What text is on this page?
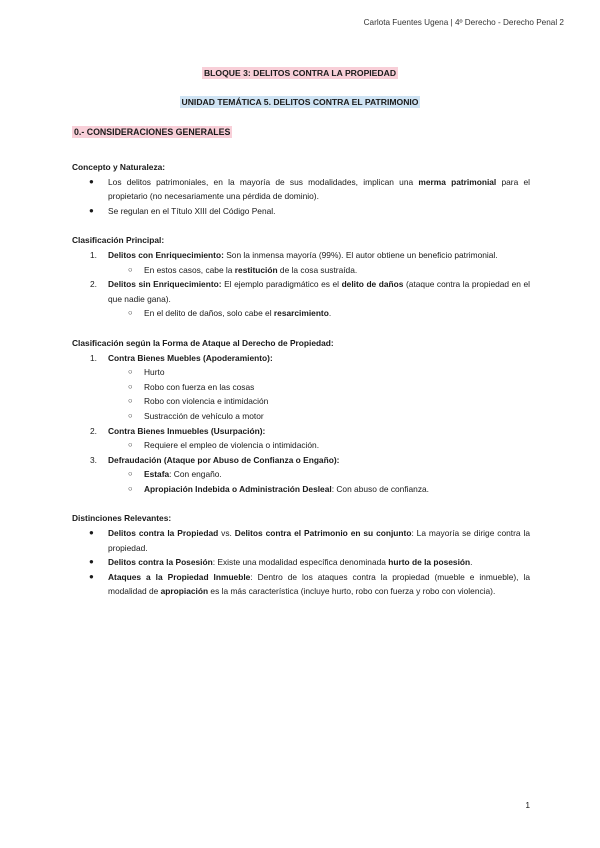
Carlota Fuentes Ugena | 4º Derecho - Derecho Penal 2
BLOQUE 3: DELITOS CONTRA LA PROPIEDAD
UNIDAD TEMÁTICA 5. DELITOS CONTRA EL PATRIMONIO
0.- CONSIDERACIONES GENERALES

Concepto y Naturaleza:

● Los delitos patrimoniales, en la mayoría de sus modalidades, implican una merma patrimonial para el propietario (no necesariamente una pérdida de dominio).
● Se regulan en el Título XIII del Código Penal.

Clasificación Principal:

1. Delitos con Enriquecimiento: Son la inmensa mayoría (99%). El autor obtiene un beneficio patrimonial.
○ En estos casos, cabe la restitución de la cosa sustraída.
2. Delitos sin Enriquecimiento: El ejemplo paradigmático es el delito de daños (ataque contra la propiedad en el que nadie gana).
○ En el delito de daños, solo cabe el resarcimiento.

Clasificación según la Forma de Ataque al Derecho de Propiedad:

1. Contra Bienes Muebles (Apoderamiento):
○ Hurto
○ Robo con fuerza en las cosas
○ Robo con violencia e intimidación
○ Sustracción de vehículo a motor
2. Contra Bienes Inmuebles (Usurpación):
○ Requiere el empleo de violencia o intimidación.
3. Defraudación (Ataque por Abuso de Confianza o Engaño):
○ Estafa: Con engaño.
○ Apropiación Indebida o Administración Desleal: Con abuso de confianza.

Distinciones Relevantes:

● Delitos contra la Propiedad vs. Delitos contra el Patrimonio en su conjunto: La mayoría se dirige contra la propiedad.
● Delitos contra la Posesión: Existe una modalidad específica denominada hurto de la posesión.
● Ataques a la Propiedad Inmueble: Dentro de los ataques contra la propiedad (mueble e inmueble), la modalidad de apropiación es la más característica (incluye hurto, robo con fuerza y robo con violencia).
1
